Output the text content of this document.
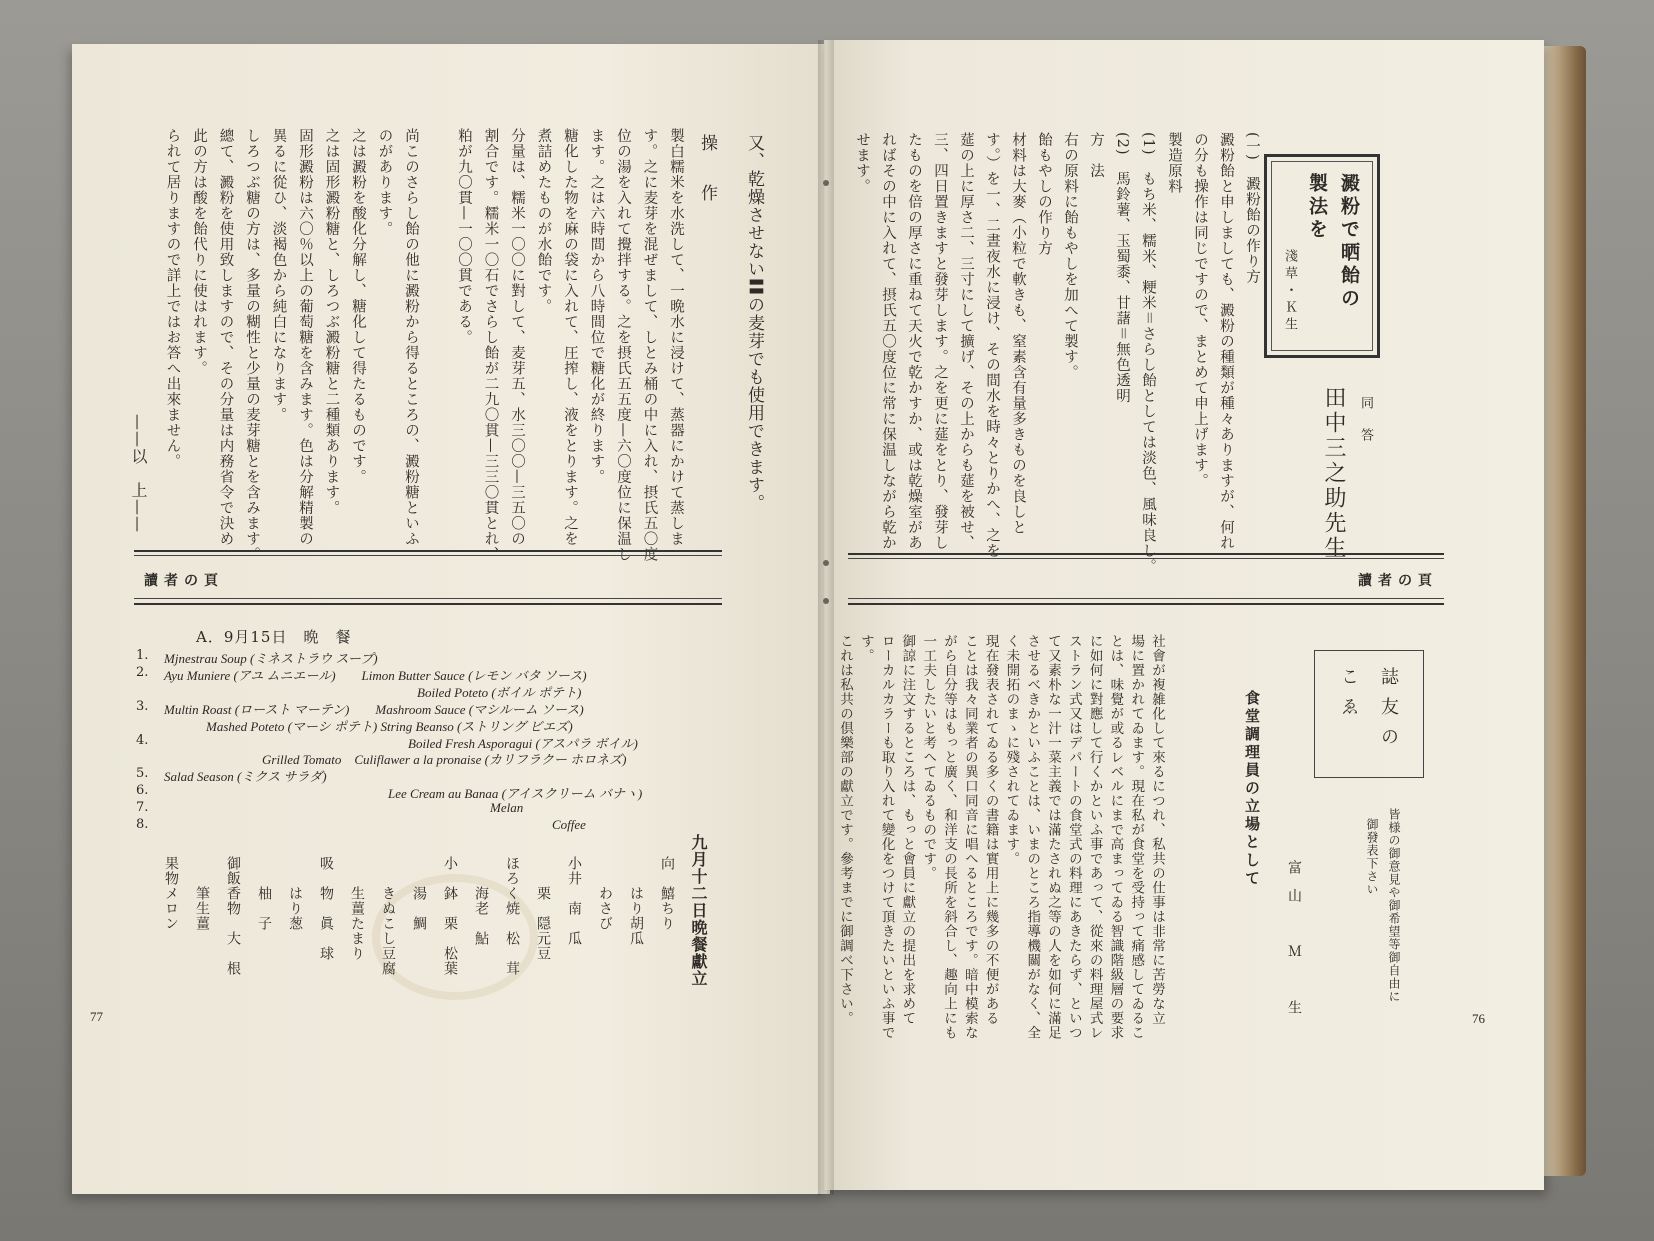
又、乾燥させない〓の麦芽でも使用できます。
操　作
製白糯米を水洗して、一晩水に浸けて、蒸器にかけて蒸しま
す。之に麦芽を混ぜまして、しとみ桶の中に入れ、摂氏五〇度
位の湯を入れて攪拌する。之を摂氏五五度—六〇度位に保温し
ます。之は六時間から八時間位で糖化が終ります。
糖化した物を麻の袋に入れて、圧搾し、液をとります。之を
煮詰めたものが水飴です。
分量は、糯米一〇〇に對して、麦芽五、水三〇〇—三五〇の
割合です。糯米一〇石でさらし飴が二九〇貫—三三〇貫とれ、
粕が九〇貫—一〇〇貫である。
尚このさらし飴の他に澱粉から得るところの、澱粉糖といふ
のがあります。
之は澱粉を酸化分解し、糖化して得たるものです。
之は固形澱粉糖と、しろつぶ澱粉糖と二種類あります。
固形澱粉は六〇％以上の葡萄糖を含みます。色は分解精製の
異るに從ひ、淡褐色から純白になります。
しろつぶ糖の方は、多量の糊性と少量の麦芽糖とを含みます。
總て、澱粉を使用致しますので、その分量は内務省令で決め
此の方は酸を飴代りに使はれます。
られて居りますので詳上ではお答へ出來ません。
——以　上——
讀者の頁
A．9月15日　晩　餐
1. Mjnestrau Soup (ミネストラウ スープ)
2. Ayu Muniere (アユ ムニエール)　　Limon Butter Sauce (レモン バタ ソース)
Boiled Poteto (ボイル ポテト)
3. Multin Roast (ロースト マーテン)　　Mashroom Sauce (マシルーム ソース)
Mashed Poteto (マーシ ポテト) String Beanso (ストリング ビエズ)
4.	Boiled Fresh Asporagui (アスパラ ボイル)
Grilled Tomato　Culiflawer a la pronaise (カリフラクー ホロネズ)
5. Salad Season (ミクス サラダ)
6.	Lee Cream au Banaa (アイスクリーム バナヽ)
7.	Melan
8.	Coffee
九月十二日晩餐獻立
向　鱚ちり
　　はり胡瓜
　　わさび
小井　南　瓜
　　栗　隠元豆
ほろく焼　松　茸
　　海老　鮎
小　鉢　栗　松葉
　　湯　鯛
　　きぬこし豆腐
　　生薑たまり
吸　物　眞　球
　　はり葱
　　柚　子
御飯香物　大　根
　　筆生薑
果物メロン
77
澱粉で晒飴の
製法を
淺草・Ｋ生
同　答
田中三之助先生
(一)　澱粉飴の作り方
澱粉飴と申しましても、澱粉の種類が種々ありますが、何れ
の分も操作は同じですので、まとめて申上げます。
製造原料
(1)　もち米、糯米、粳米＝さらし飴としては淡色、風味良し。
(2)　馬鈴薯、玉蜀黍、甘藷＝無色透明
方　法
右の原料に飴もやしを加へて製す。
飴もやしの作り方
材料は大麥（小粒で軟きも、窒素含有量多きものを良しと
す。）を一、二晝夜水に浸け、その間水を時々とりかへ、之を
莚の上に厚さ二、三寸にして擴げ、その上からも莚を被せ、
三、四日置きますと發芽します。之を更に莚をとり、發芽し
たものを倍の厚さに重ねて天火で乾かすか、或は乾燥室があ
ればその中に入れて、摂氏五〇度位に常に保温しながら乾か
せます。
讀者の頁
誌友の
こゑ
皆様の御意見や御希望等御自由に
御發表下さい
食堂調理員の立場として
富山　Ｍ　生
社會が複雑化して來るにつれ、私共の仕事は非常に苦勞な立
場に置かれてゐます。現在私が食堂を受持って痛感してゐるこ
とは、味覺が或るレベルにまで高まってゐる智識階級層の要求
に如何に對應して行くかといふ事であって、從來の料理屋式レ
ストラン式又はデパートの食堂式の料理にあきたらず、といつ
て又素朴な一汁一菜主義では滿たされぬ之等の人を如何に滿足
させるべきかといふことは、いまのところ指導機關がなく、全
く未開拓のまゝに殘されてゐます。
現在發表されてゐる多くの書籍は實用上に幾多の不便がある
ことは我々同業者の異口同音に唱へるところです。暗中模索な
がら自分等はもっと廣く、和洋支の長所を斜合し、趣向上にも
一工夫したいと考へてゐるものです。
御諒に注文するところは、もっと會員に獻立の提出を求めて
ローカルカラーも取り入れて變化をつけて頂きたいといふ事で
す。
これは私共の倶樂部の獻立です。參考までに御調べ下さい。	76
